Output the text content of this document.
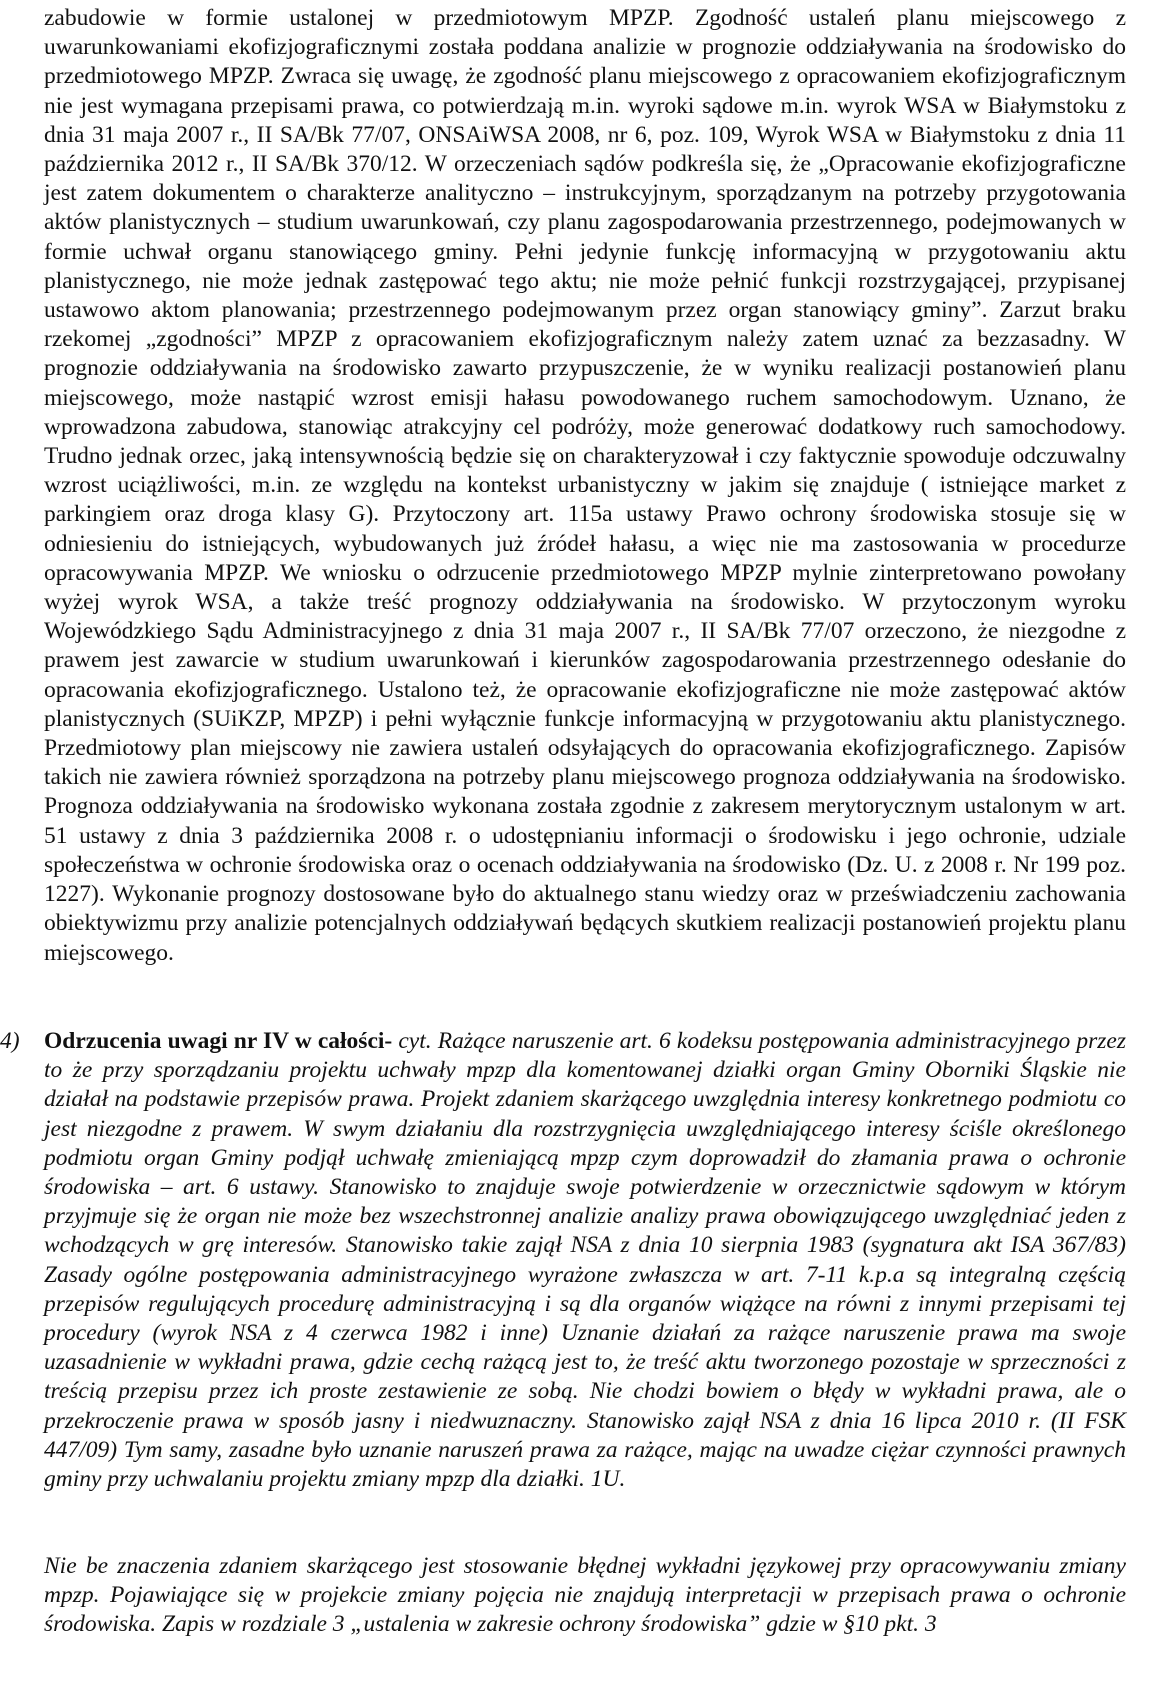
zabudowie w formie ustalonej w przedmiotowym MPZP. Zgodność ustaleń planu miejscowego z uwarunkowaniami ekofizjograficznymi została poddana analizie w prognozie oddziaływania na środowisko do przedmiotowego MPZP. Zwraca się uwagę, że zgodność planu miejscowego z opracowaniem ekofizjograficznym nie jest wymagana przepisami prawa, co potwierdzają m.in. wyroki sądowe m.in. wyrok WSA w Białymstoku z dnia 31 maja 2007 r., II SA/Bk 77/07, ONSAiWSA 2008, nr 6, poz. 109, Wyrok WSA w Białymstoku z dnia 11 października 2012 r., II SA/Bk 370/12. W orzeczeniach sądów podkreśla się, że „Opracowanie ekofizjograficzne jest zatem dokumentem o charakterze analityczno – instrukcyjnym, sporządzanym na potrzeby przygotowania aktów planistycznych – studium uwarunkowań, czy planu zagospodarowania przestrzennego, podejmowanych w formie uchwał organu stanowiącego gminy. Pełni jedynie funkcję informacyjną w przygotowaniu aktu planistycznego, nie może jednak zastępować tego aktu; nie może pełnić funkcji rozstrzygającej, przypisanej ustawowo aktom planowania; przestrzennego podejmowanym przez organ stanowiący gminy”. Zarzut braku rzekomej „zgodności” MPZP z opracowaniem ekofizjograficznym należy zatem uznać za bezzasadny. W prognozie oddziaływania na środowisko zawarto przypuszczenie, że w wyniku realizacji postanowień planu miejscowego, może nastąpić wzrost emisji hałasu powodowanego ruchem samochodowym. Uznano, że wprowadzona zabudowa, stanowiąc atrakcyjny cel podróży, może generować dodatkowy ruch samochodowy. Trudno jednak orzec, jaką intensywnością będzie się on charakteryzował i czy faktycznie spowoduje odczuwalny wzrost uciążliwości, m.in. ze względu na kontekst urbanistyczny w jakim się znajduje ( istniejące market z parkingiem oraz droga klasy G). Przytoczony art. 115a ustawy Prawo ochrony środowiska stosuje się w odniesieniu do istniejących, wybudowanych już źródeł hałasu, a więc nie ma zastosowania w procedurze opracowywania MPZP. We wniosku o odrzucenie przedmiotowego MPZP mylnie zinterpretowano powołany wyżej wyrok WSA, a także treść prognozy oddziaływania na środowisko. W przytoczonym wyroku Wojewódzkiego Sądu Administracyjnego z dnia 31 maja 2007 r., II SA/Bk 77/07 orzeczono, że niezgodne z prawem jest zawarcie w studium uwarunkowań i kierunków zagospodarowania przestrzennego odesłanie do opracowania ekofizjograficznego. Ustalono też, że opracowanie ekofizjograficzne nie może zastępować aktów planistycznych (SUiKZP, MPZP) i pełni wyłącznie funkcje informacyjną w przygotowaniu aktu planistycznego. Przedmiotowy plan miejscowy nie zawiera ustaleń odsyłających do opracowania ekofizjograficznego. Zapisów takich nie zawiera również sporządzona na potrzeby planu miejscowego prognoza oddziaływania na środowisko. Prognoza oddziaływania na środowisko wykonana została zgodnie z zakresem merytorycznym ustalonym w art. 51 ustawy z dnia 3 października 2008 r. o udostępnianiu informacji o środowisku i jego ochronie, udziale społeczeństwa w ochronie środowiska oraz o ocenach oddziaływania na środowisko (Dz. U. z 2008 r. Nr 199 poz. 1227). Wykonanie prognozy dostosowane było do aktualnego stanu wiedzy oraz w przeświadczeniu zachowania obiektywizmu przy analizie potencjalnych oddziaływań będących skutkiem realizacji postanowień projektu planu miejscowego.

4)	Odrzucenia uwagi nr IV w całości- cyt. Rażące naruszenie art. 6 kodeksu postępowania administracyjnego przez to że przy sporządzaniu projektu uchwały mpzp dla komentowanej działki organ Gminy Oborniki Śląskie nie działał na podstawie przepisów prawa. Projekt zdaniem skarżącego uwzględnia interesy konkretnego podmiotu co jest niezgodne z prawem. W swym działaniu dla rozstrzygnięcia uwzględniającego interesy ściśle określonego podmiotu organ Gminy podjął uchwałę zmieniającą mpzp czym doprowadził do złamania prawa o ochronie środowiska – art. 6 ustawy. Stanowisko to znajduje swoje potwierdzenie w orzecznictwie sądowym w którym przyjmuje się że organ nie może bez wszechstronnej analizie analizy prawa obowiązującego uwzględniać jeden z wchodzących w grę interesów. Stanowisko takie zajął NSA z dnia 10 sierpnia 1983 (sygnatura akt ISA 367/83) Zasady ogólne postępowania administracyjnego wyrażone zwłaszcza w art. 7-11 k.p.a są integralną częścią przepisów regulujących procedurę administracyjną i są dla organów wiążące na równi z innymi przepisami tej procedury (wyrok NSA z 4 czerwca 1982 i inne) Uznanie działań za rażące naruszenie prawa ma swoje uzasadnienie w wykładni prawa, gdzie cechą rażącą jest to, że treść aktu tworzonego pozostaje w sprzeczności z treścią przepisu przez ich proste zestawienie ze sobą. Nie chodzi bowiem o błędy w wykładni prawa, ale o przekroczenie prawa w sposób jasny i niedwuznaczny. Stanowisko zajął NSA z dnia 16 lipca 2010 r. (II FSK 447/09) Tym samy, zasadne było uznanie naruszeń prawa za rażące, mając na uwadze ciężar czynności prawnych gminy przy uchwalaniu projektu zmiany mpzp dla działki. 1U.

Nie be znaczenia zdaniem skarżącego jest stosowanie błędnej wykładni językowej przy opracowywaniu zmiany mpzp. Pojawiające się w projekcie zmiany pojęcia nie znajdują interpretacji w przepisach prawa o ochronie środowiska. Zapis w rozdziale 3 „ustalenia w zakresie ochrony środowiska” gdzie w §10 pkt. 3
